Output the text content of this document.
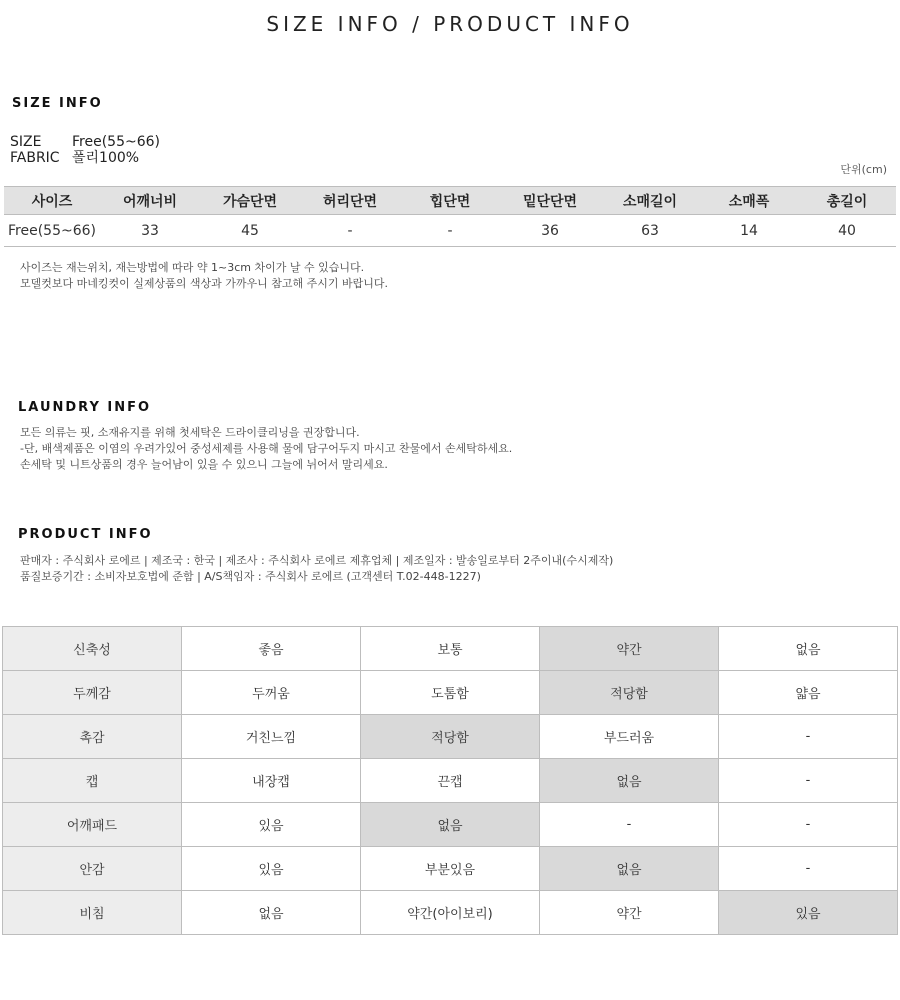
SIZE INFO / PRODUCT INFO
SIZE INFO
SIZE	Free(55~66)
FABRIC 폴리100%
단위(cm)
사이즈	어깨너비	가슴단면	허리단면	힙단면	밑단단면	소매길이	소매폭	총길이
Free(55~66)	33	45	-	-	36	63	14	40
사이즈는 재는위치, 재는방법에 따라 약 1~3cm 차이가 날 수 있습니다.
모델컷보다 마네킹컷이 실제상품의 색상과 가까우니 참고해 주시기 바랍니다.
LAUNDRY INFO
모든 의류는 핏, 소재유지를 위해 첫세탁은 드라이클리닝을 권장합니다.
-단, 배색제품은 이염의 우려가있어 중성세제를 사용해 물에 담구어두지 마시고 찬물에서 손세탁하세요.
손세탁 및 니트상품의 경우 늘어남이 있을 수 있으니 그늘에 뉘어서 말리세요.
PRODUCT INFO
판매자 : 주식회사 로에르 | 제조국 : 한국 | 제조사 : 주식회사 로에르 제휴업체 | 제조일자 : 발송일로부터 2주이내(수시제작)
품질보증기간 : 소비자보호법에 준함 | A/S책임자 : 주식회사 로에르 (고객센터 T.02-448-1227)
신축성	좋음	보통	약간	없음
두께감	두꺼움	도톰함	적당함	얇음
촉감	거친느낌	적당함	부드러움	-
캡	내장캡	끈캡	없음	-
어깨패드	있음	없음	-	-
안감	있음	부분있음	없음	-
비침	없음	약간(아이보리)	약간	있음
